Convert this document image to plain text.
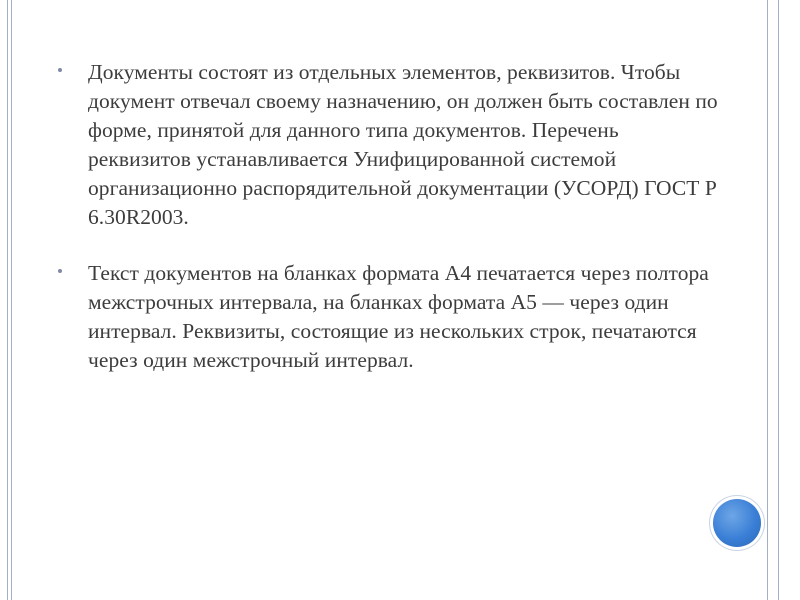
Документы состоят из отдельных элементов, реквизитов. Чтобы документ отвечал своему назначению, он должен быть составлен по форме, принятой для данного типа документов. Перечень реквизитов устанавливается Унифицированной системой организационно распорядительной документации (УСОРД) ГОСТ Р 6.30R2003.
Текст документов на бланках формата А4 печатается через полтора межстрочных интервала, на бланках формата А5 — через один интервал. Реквизиты, состоящие из нескольких строк, печатаются через один межстрочный интервал.
